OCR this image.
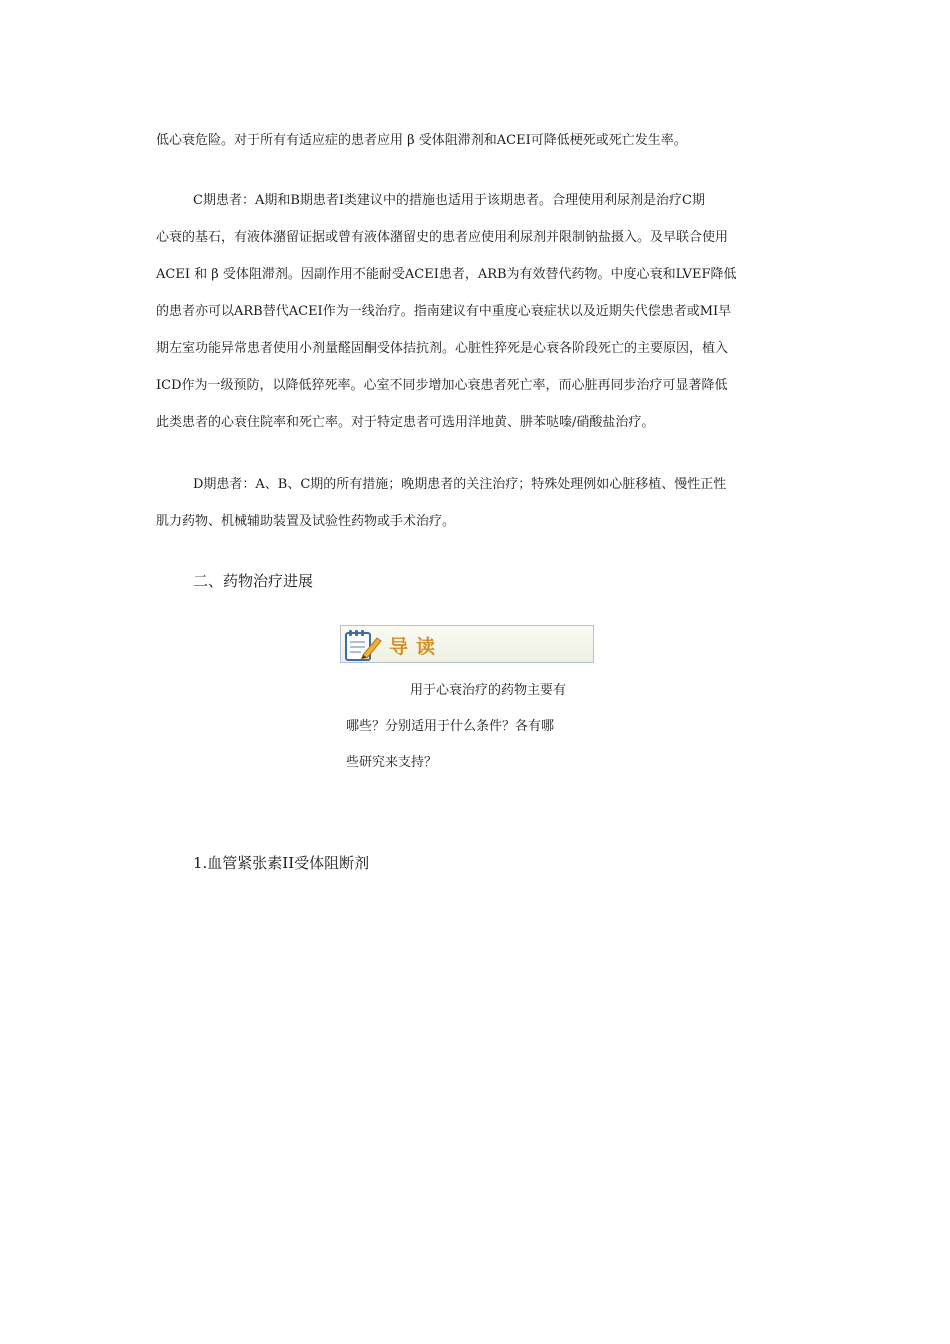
低心衰危险。对于所有有适应症的患者应用 β 受体阻滞剂和ACEI可降低梗死或死亡发生率。
C期患者：A期和B期患者I类建议中的措施也适用于该期患者。合理使用利尿剂是治疗C期
心衰的基石，有液体潴留证据或曾有液体潴留史的患者应使用利尿剂并限制钠盐摄入。及早联合使用
ACEI 和 β 受体阻滞剂。因副作用不能耐受ACEI患者，ARB为有效替代药物。中度心衰和LVEF降低
的患者亦可以ARB替代ACEI作为一线治疗。指南建议有中重度心衰症状以及近期失代偿患者或MI早
期左室功能异常患者使用小剂量醛固酮受体拮抗剂。心脏性猝死是心衰各阶段死亡的主要原因，植入
ICD作为一级预防，以降低猝死率。心室不同步增加心衰患者死亡率，而心脏再同步治疗可显著降低
此类患者的心衰住院率和死亡率。对于特定患者可选用洋地黄、肼苯哒嗪/硝酸盐治疗。
D期患者：A、B、C期的所有措施；晚期患者的关注治疗；特殊处理例如心脏移植、慢性正性
肌力药物、机械辅助装置及试验性药物或手术治疗。
二、药物治疗进展
导读
用于心衰治疗的药物主要有
哪些？分别适用于什么条件？各有哪
些研究来支持？
1.血管紧张素II受体阻断剂
